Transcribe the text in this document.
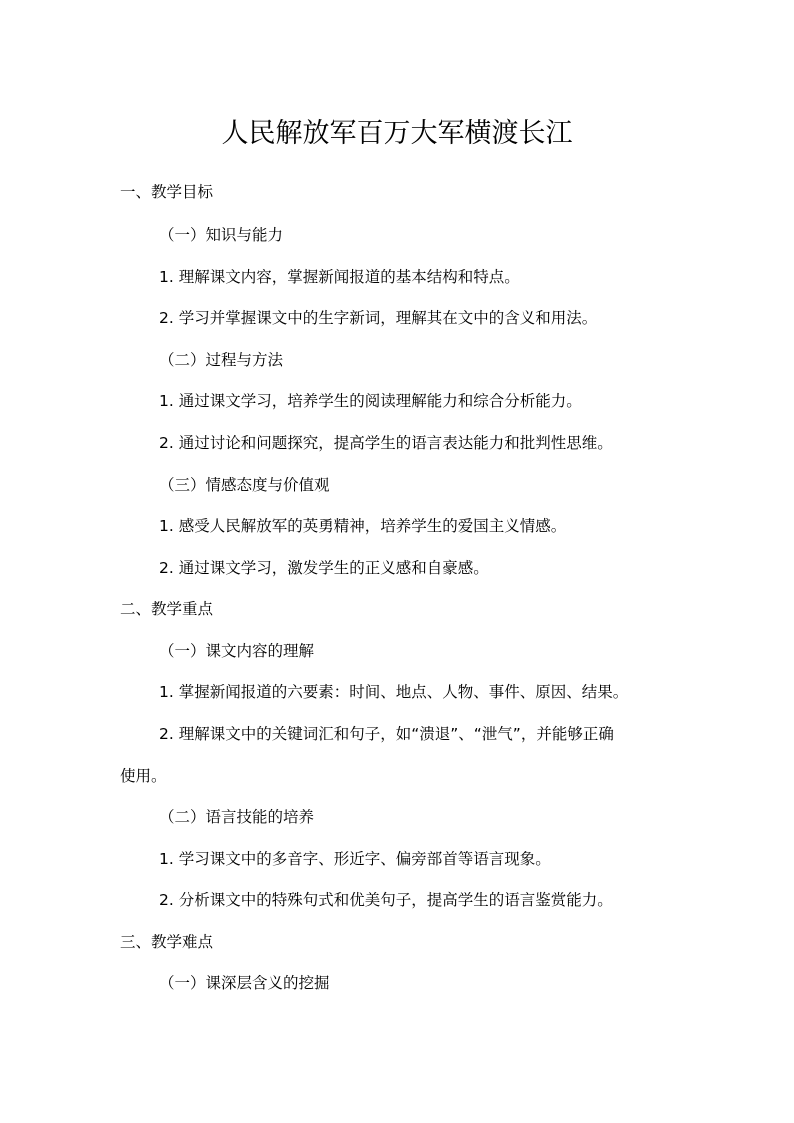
人民解放军百万大军横渡长江
一、教学目标
（一）知识与能力
1. 理解课文内容，掌握新闻报道的基本结构和特点。
2. 学习并掌握课文中的生字新词，理解其在文中的含义和用法。
（二）过程与方法
1. 通过课文学习，培养学生的阅读理解能力和综合分析能力。
2. 通过讨论和问题探究，提高学生的语言表达能力和批判性思维。
（三）情感态度与价值观
1. 感受人民解放军的英勇精神，培养学生的爱国主义情感。
2. 通过课文学习，激发学生的正义感和自豪感。
二、教学重点
（一）课文内容的理解
1. 掌握新闻报道的六要素：时间、地点、人物、事件、原因、结果。
2. 理解课文中的关键词汇和句子，如“溃退”、“泄气”，并能够正确
使用。
（二）语言技能的培养
1. 学习课文中的多音字、形近字、偏旁部首等语言现象。
2. 分析课文中的特殊句式和优美句子，提高学生的语言鉴赏能力。
三、教学难点
（一）课深层含义的挖掘
